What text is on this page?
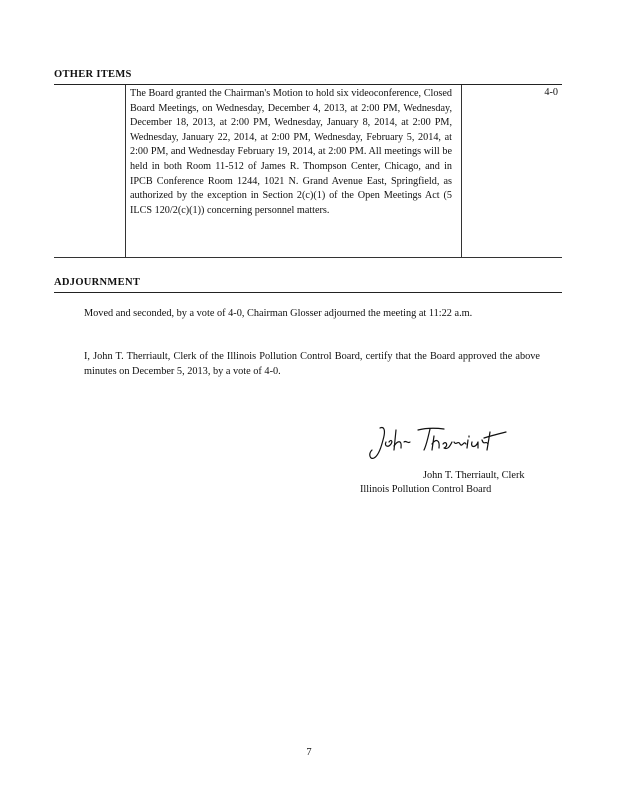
OTHER ITEMS
The Board granted the Chairman's Motion to hold six videoconference, Closed Board Meetings, on Wednesday, December 4, 2013, at 2:00 PM, Wednesday, December 18, 2013, at 2:00 PM, Wednesday, January 8, 2014, at 2:00 PM, Wednesday, January 22, 2014, at 2:00 PM, Wednesday, February 5, 2014, at 2:00 PM, and Wednesday February 19, 2014, at 2:00 PM. All meetings will be held in both Room 11-512 of James R. Thompson Center, Chicago, and in IPCB Conference Room 1244, 1021 N. Grand Avenue East, Springfield, as authorized by the exception in Section 2(c)(1) of the Open Meetings Act (5 ILCS 120/2(c)(1)) concerning personnel matters.
4-0
ADJOURNMENT
Moved and seconded, by a vote of 4-0, Chairman Glosser adjourned the meeting at 11:22 a.m.
I, John T. Therriault, Clerk of the Illinois Pollution Control Board, certify that the Board approved the above minutes on December 5, 2013, by a vote of 4-0.
John T. Therriault, Clerk
Illinois Pollution Control Board
7
